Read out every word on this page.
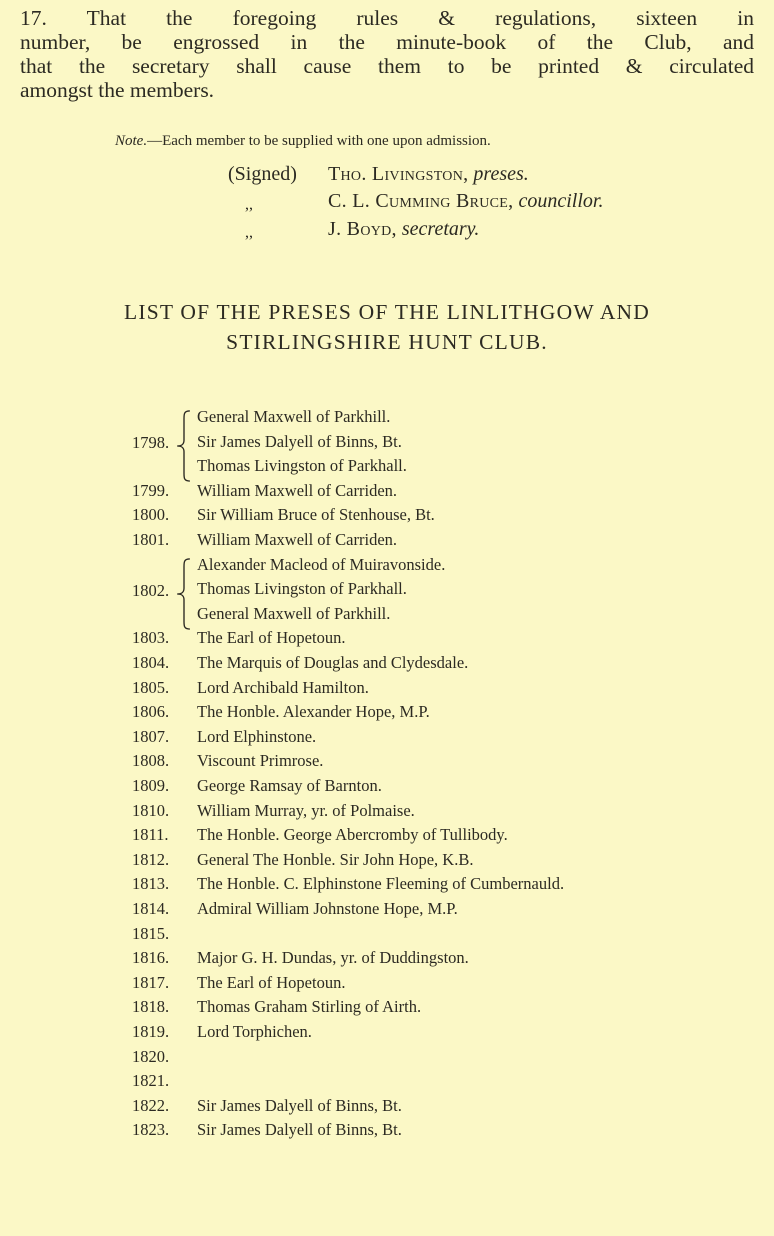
17. That the foregoing rules & regulations, sixteen in
number, be engrossed in the minute-book of the Club, and
that the secretary shall cause them to be printed & circulated
amongst the members.
Note.—Each member to be supplied with one upon admission.
(Signed) Tho. Livingston, preses.
,,	C. L. Cumming Bruce, councillor.
,,	J. Boyd, secretary.
LIST OF THE PRESES OF THE LINLITHGOW AND
STIRLINGSHIRE HUNT CLUB.
1798.
General Maxwell of Parkhill.
Sir James Dalyell of Binns, Bt.
Thomas Livingston of Parkhall.
1799. William Maxwell of Carriden.
1800. Sir William Bruce of Stenhouse, Bt.
1801. William Maxwell of Carriden.
1802.
Alexander Macleod of Muiravonside.
Thomas Livingston of Parkhall.
General Maxwell of Parkhill.
1803. The Earl of Hopetoun.
1804. The Marquis of Douglas and Clydesdale.
1805. Lord Archibald Hamilton.
1806. The Honble. Alexander Hope, M.P.
1807. Lord Elphinstone.
1808. Viscount Primrose.
1809. George Ramsay of Barnton.
1810. William Murray, yr. of Polmaise.
1811. The Honble. George Abercromby of Tullibody.
1812. General The Honble. Sir John Hope, K.B.
1813. The Honble. C. Elphinstone Fleeming of Cumbernauld.
1814. Admiral William Johnstone Hope, M.P.
1815.
1816. Major G. H. Dundas, yr. of Duddingston.
1817. The Earl of Hopetoun.
1818. Thomas Graham Stirling of Airth.
1819. Lord Torphichen.
1820.
1821.
1822. Sir James Dalyell of Binns, Bt.
1823. Sir James Dalyell of Binns, Bt.
